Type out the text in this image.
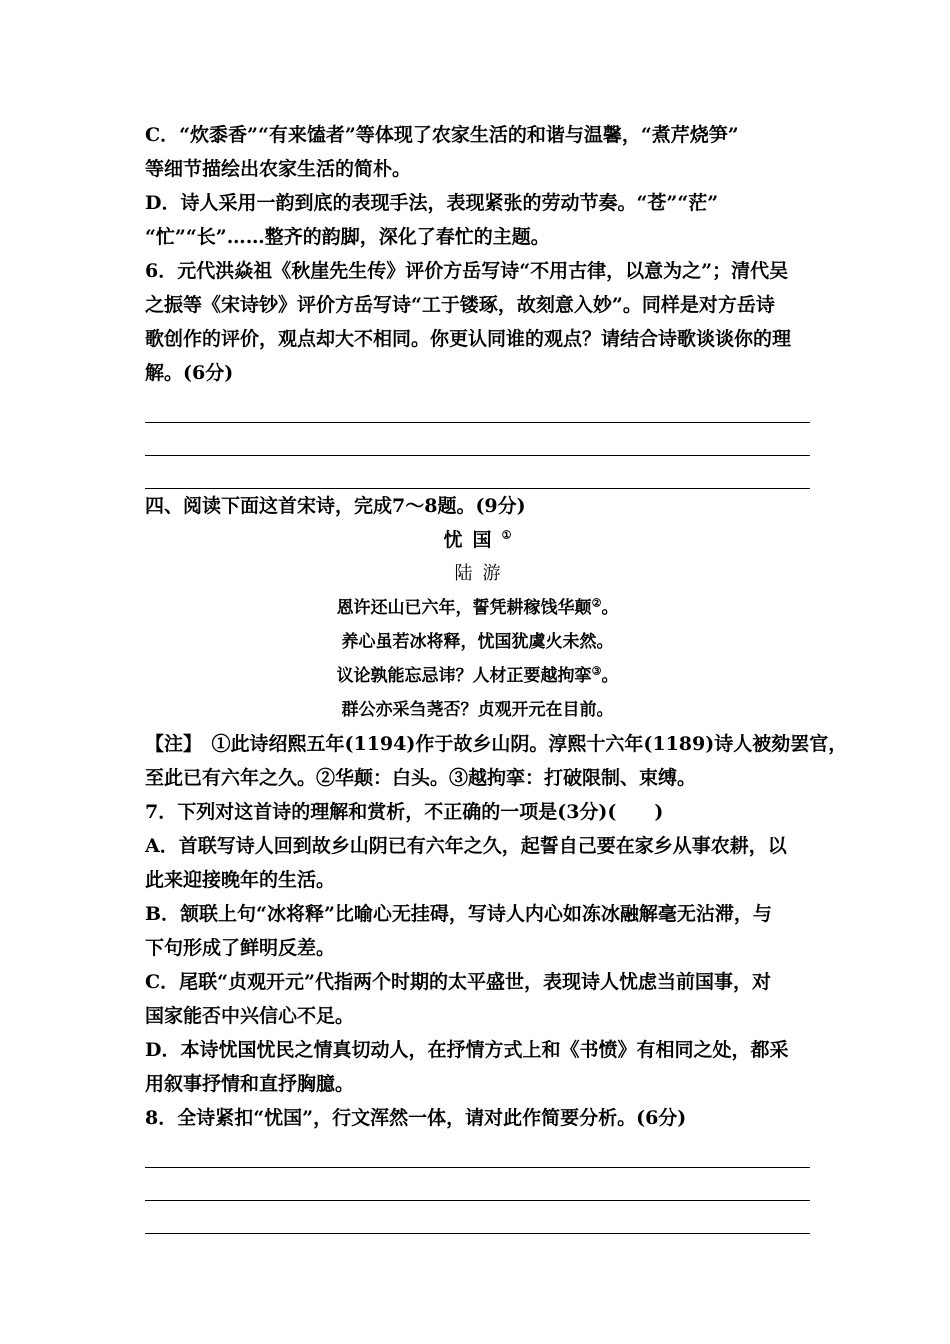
C．“炊黍香”“有来馌者”等体现了农家生活的和谐与温馨，“煮芹烧笋”
等细节描绘出农家生活的简朴。
D．诗人采用一韵到底的表现手法，表现紧张的劳动节奏。“苍”“茫”
“忙”“长”……整齐的韵脚，深化了春忙的主题。
6．元代洪焱祖《秋崖先生传》评价方岳写诗“不用古律，以意为之”；清代吴
之振等《宋诗钞》评价方岳写诗“工于镂琢，故刻意入妙”。同样是对方岳诗
歌创作的评价，观点却大不相同。你更认同谁的观点？请结合诗歌谈谈你的理
解。(6分)
四、阅读下面这首宋诗，完成7～8题。(9分)
忧国①
陆游
恩许还山已六年，誓凭耕稼饯华颠②。
养心虽若冰将释，忧国犹虞火未然。
议论孰能忘忌讳？人材正要越拘挛③。
群公亦采刍荛否？贞观开元在目前。
【注】　①此诗绍熙五年(1194)作于故乡山阴。淳熙十六年(1189)诗人被劾罢官，
至此已有六年之久。②华颠：白头。③越拘挛：打破限制、束缚。
7．下列对这首诗的理解和赏析，不正确的一项是(3分)(　　)
A．首联写诗人回到故乡山阴已有六年之久，起誓自己要在家乡从事农耕，以
此来迎接晚年的生活。
B．颔联上句“冰将释”比喻心无挂碍，写诗人内心如冻冰融解毫无沾滞，与
下句形成了鲜明反差。
C．尾联“贞观开元”代指两个时期的太平盛世，表现诗人忧虑当前国事，对
国家能否中兴信心不足。
D．本诗忧国忧民之情真切动人，在抒情方式上和《书愤》有相同之处，都采
用叙事抒情和直抒胸臆。
8．全诗紧扣“忧国”，行文浑然一体，请对此作简要分析。(6分)
